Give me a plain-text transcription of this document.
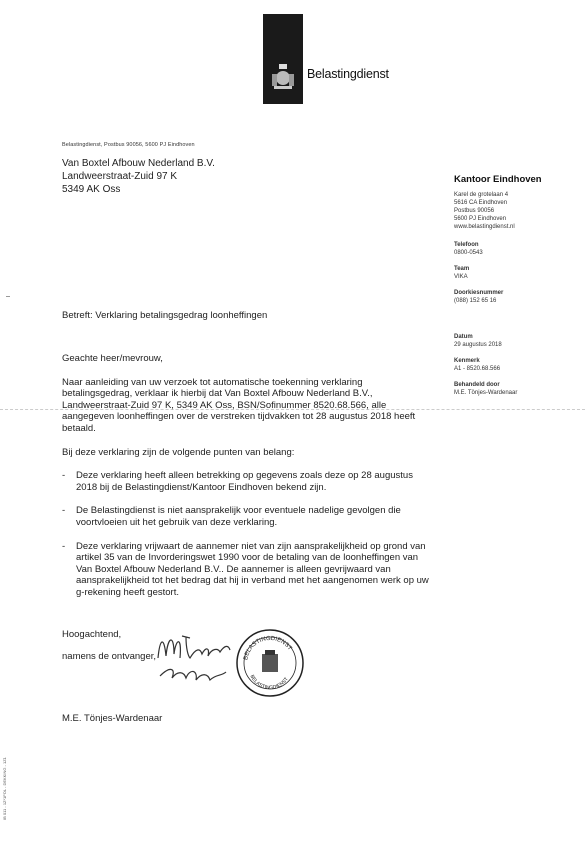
Belastingdienst
Belastingdienst, Postbus 90056, 5600 PJ Eindhoven
Van Boxtel Afbouw Nederland B.V.
Landweerstraat-Zuid 97 K
5349 AK Oss
Kantoor Eindhoven
Karel de grotelaan 4
5616 CA Eindhoven
Postbus 90056
5600 PJ Eindhoven
www.belastingdienst.nl
Telefoon
0800-0543
Team
VIKA
Doorkiesnummer
(088) 152 65 16
Datum
29 augustus 2018
Kenmerk
A1 - 8520.68.566
Behandeld door
M.E. Tönjes-Wardenaar
Betreft: Verklaring betalingsgedrag loonheffingen

Geachte heer/mevrouw,

Naar aanleiding van uw verzoek tot automatische toekenning verklaring betalingsgedrag, verklaar ik hierbij dat Van Boxtel Afbouw Nederland B.V., Landweerstraat-Zuid 97 K, 5349 AK Oss, BSN/Sofinummer 8520.68.566, alle aangegeven loonheffingen over de verstreken tijdvakken tot 28 augustus 2018 heeft betaald.

Bij deze verklaring zijn de volgende punten van belang:

- Deze verklaring heeft alleen betrekking op gegevens zoals deze op 28 augustus 2018 bij de Belastingdienst/Kantoor Eindhoven bekend zijn.
- De Belastingdienst is niet aansprakelijk voor eventuele nadelige gevolgen die voortvloeien uit het gebruik van deze verklaring.
- Deze verklaring vrijwaart de aannemer niet van zijn aansprakelijkheid op grond van artikel 35 van de Invorderingswet 1990 voor de betaling van de loonheffingen van Van Boxtel Afbouw Nederland B.V.. De aannemer is alleen gevrijwaard van aansprakelijkheid tot het bedrag dat hij in verband met het aangenomen werk op uw g-rekening heeft gestort.
Hoogachtend,
namens de ontvanger,	BELASTINGDIENST
BELASTINGDIENST
M.E. Tönjes-Wardenaar
IB 011 - 1Z*1FOL - DEKKING - 1Z1
